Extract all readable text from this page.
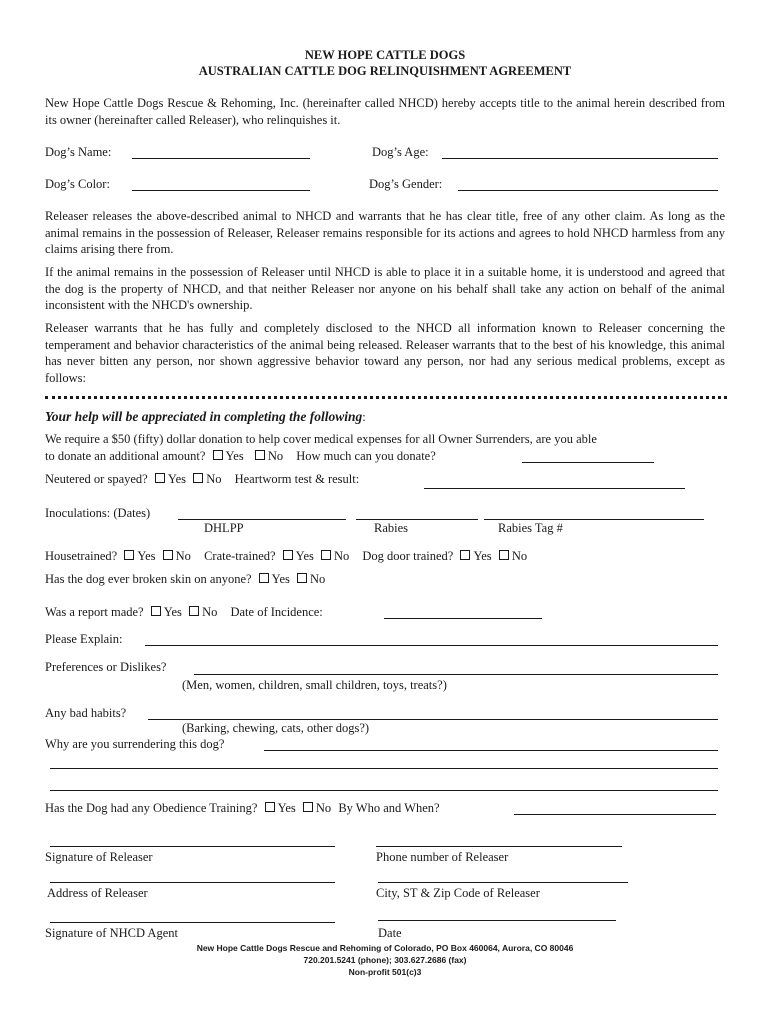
NEW HOPE CATTLE DOGS
AUSTRALIAN CATTLE DOG RELINQUISHMENT AGREEMENT
New Hope Cattle Dogs Rescue & Rehoming, Inc. (hereinafter called NHCD) hereby accepts title to the animal herein described from its owner (hereinafter called Releaser), who relinquishes it.
Dog’s Name:	Dog’s Age:
Dog’s Color:	Dog’s Gender:
Releaser releases the above-described animal to NHCD and warrants that he has clear title, free of any other claim. As long as the animal remains in the possession of Releaser, Releaser remains responsible for its actions and agrees to hold NHCD harmless from any claims arising there from.
If the animal remains in the possession of Releaser until NHCD is able to place it in a suitable home, it is understood and agreed that the dog is the property of NHCD, and that neither Releaser nor anyone on his behalf shall take any action on behalf of the animal inconsistent with the NHCD's ownership.
Releaser warrants that he has fully and completely disclosed to the NHCD all information known to Releaser concerning the temperament and behavior characteristics of the animal being released. Releaser warrants that to the best of his knowledge, this animal has never bitten any person, nor shown aggressive behavior toward any person, nor had any serious medical problems, except as follows:
Your help will be appreciated in completing the following:
We require a $50 (fifty) dollar donation to help cover medical expenses for all Owner Surrenders, are you able
to donate an additional amount? Yes No How much can you donate?
Neutered or spayed? Yes No Heartworm test & result:
Inoculations: (Dates)
DHLPP	Rabies	Rabies Tag #
Housetrained? Yes No Crate-trained? Yes No Dog door trained? Yes No
Has the dog ever broken skin on anyone? Yes No
Was a report made? Yes No Date of Incidence:
Please Explain:
Preferences or Dislikes?
(Men, women, children, small children, toys, treats?)
Any bad habits?
(Barking, chewing, cats, other dogs?)
Why are you surrendering this dog?
Has the Dog had any Obedience Training? Yes No By Who and When?
Signature of Releaser	Phone number of Releaser
Address of Releaser	City, ST & Zip Code of Releaser
Signature of NHCD Agent	Date
New Hope Cattle Dogs Rescue and Rehoming of Colorado, PO Box 460064, Aurora, CO 80046
720.201.5241 (phone); 303.627.2686 (fax)
Non-profit 501(c)3
